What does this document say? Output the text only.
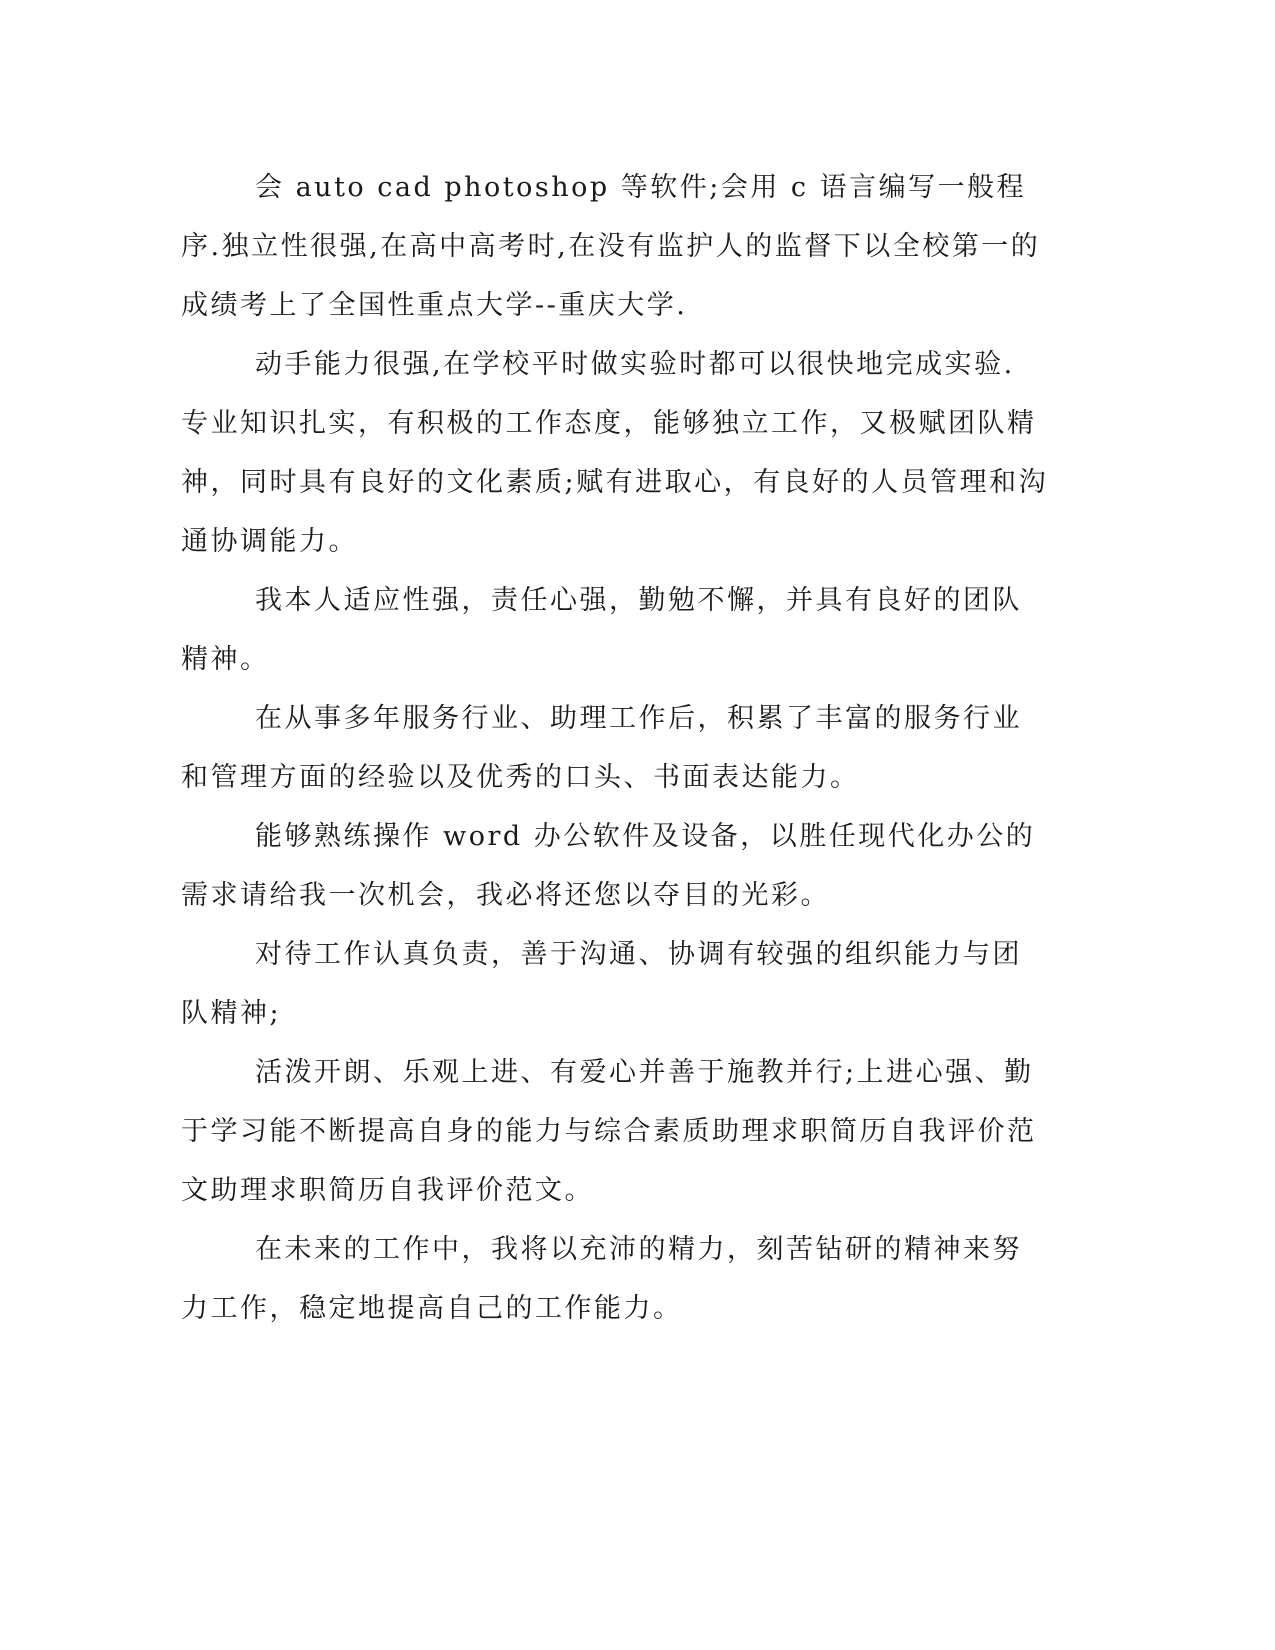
会 auto cad photoshop 等软件;会用 c 语言编写一般程序.独立性很强,在高中高考时,在没有监护人的监督下以全校第一的成绩考上了全国性重点大学--重庆大学.

动手能力很强,在学校平时做实验时都可以很快地完成实验. 专业知识扎实，有积极的工作态度，能够独立工作，又极赋团队精神，同时具有良好的文化素质;赋有进取心，有良好的人员管理和沟通协调能力。

我本人适应性强，责任心强，勤勉不懈，并具有良好的团队精神。

在从事多年服务行业、助理工作后，积累了丰富的服务行业和管理方面的经验以及优秀的口头、书面表达能力。

能够熟练操作 word 办公软件及设备，以胜任现代化办公的需求请给我一次机会，我必将还您以夺目的光彩。

对待工作认真负责，善于沟通、协调有较强的组织能力与团队精神;

活泼开朗、乐观上进、有爱心并善于施教并行;上进心强、勤于学习能不断提高自身的能力与综合素质助理求职简历自我评价范文助理求职简历自我评价范文。

在未来的工作中，我将以充沛的精力，刻苦钻研的精神来努力工作，稳定地提高自己的工作能力。
